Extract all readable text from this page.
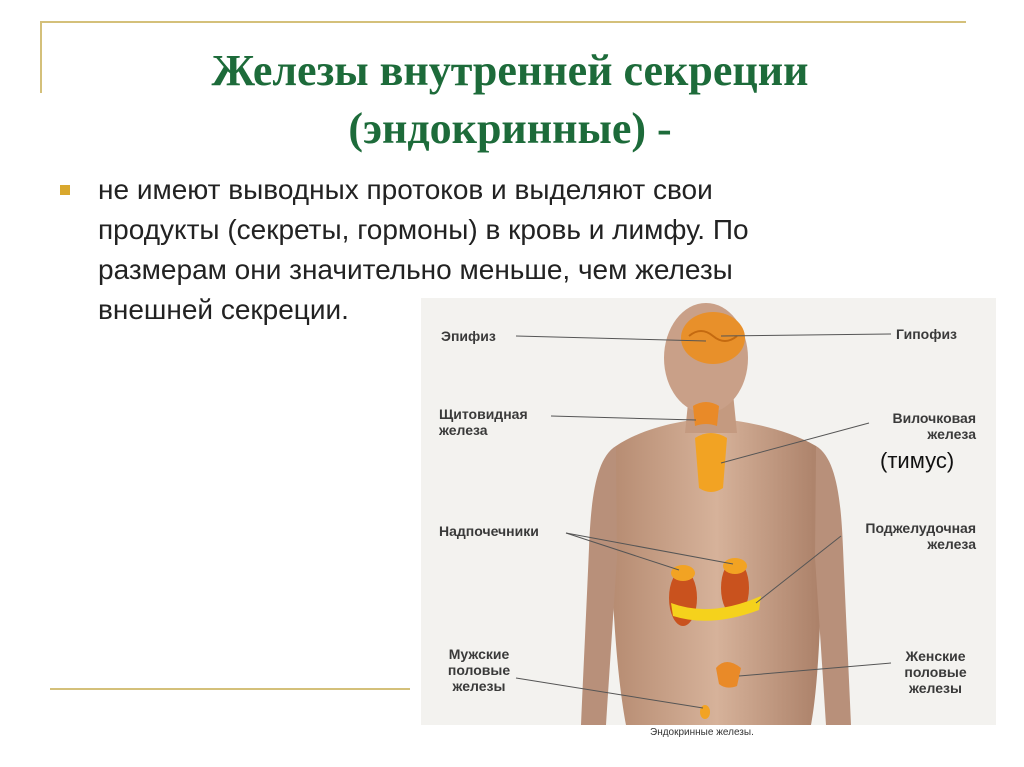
Железы внутренней секреции
(эндокринные) -
не имеют выводных протоков и выделяют свои
продукты (секреты, гормоны) в кровь и лимфу. По
размерам они значительно меньше, чем железы
внешней секреции.
Эпифиз	Гипофиз
Щитовидная
железа
Вилочковая
железа
Надпочечники	Поджелудочная
железа
Мужские
половые
железы
Женские
половые
железы
(тимус)
Эндокринные железы.
